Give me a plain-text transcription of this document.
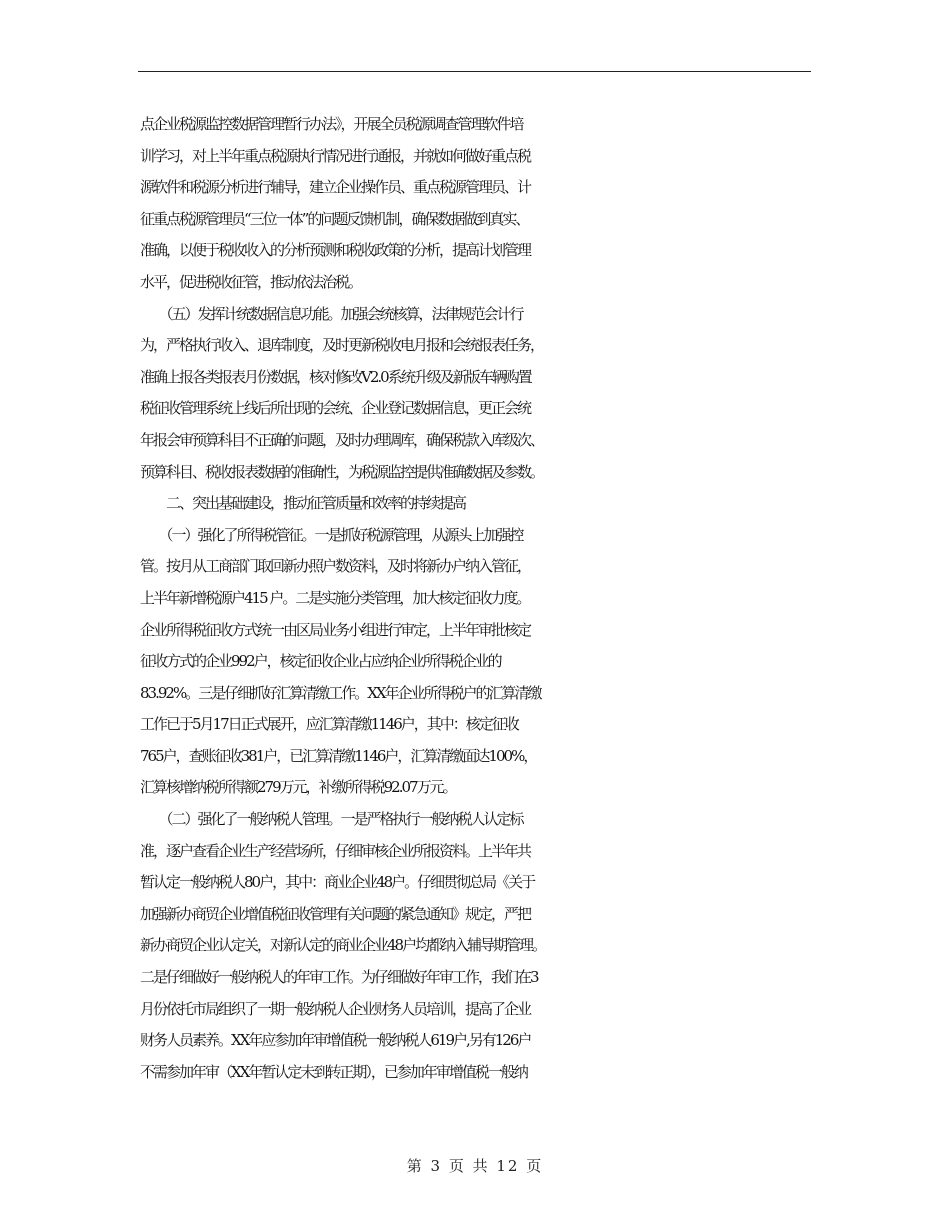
点企业税源监控数据管理暂行办法》，开展全员税源调查管理软件培
训学习，对上半年重点税源执行情况进行通报，并就如何做好重点税
源软件和税源分析进行辅导，建立企业操作员、重点税源管理员、计
征重点税源管理员“三位一体”的问题反馈机制，确保数据做到真实、
准确，以便于税收收入的分析预测和税收政策的分析，提高计划管理
水平，促进税收征管，推动依法治税。
　　（五）发挥计统数据信息功能。加强会统核算，法律规范会计行
为，严格执行收入、退库制度，及时更新税收电月报和会统报表任务，
准确上报各类报表月份数据，核对修改V2.0系统升级及新版车辆购置
税征收管理系统上线后所出现的会统、企业登记数据信息，更正会统
年报会审预算科目不正确的问题，及时办理调库，确保税款入库级次、
预算科目、税收报表数据的准确性，为税源监控提供准确数据及参数。
　　二、突出基础建设，推动征管质量和效率的持续提高
　　（一）强化了所得税管征。一是抓好税源管理，从源头上加强控
管。按月从工商部门取回新办照户数资料，及时将新办户纳入管征，
上半年新增税源户415 户。二是实施分类管理，加大核定征收力度。
企业所得税征收方式统一由区局业务小组进行审定，上半年审批核定
征收方式的企业992户，核定征收企业占应纳企业所得税企业的
83.92%。三是仔细抓好汇算清缴工作。XX年企业所得税户的汇算清缴
工作已于5月17日正式展开，应汇算清缴1146户，其中：核定征收
765户，查账征收381户，已汇算清缴1146户，汇算清缴面达100%，
汇算核增纳税所得额279万元，补缴所得税92.07万元。
　　（二）强化了一般纳税人管理。一是严格执行一般纳税人认定标
准，逐户查看企业生产经营场所，仔细审核企业所报资料。上半年共
暂认定一般纳税人80户，其中：商业企业48户。仔细贯彻总局《关于
加强新办商贸企业增值税征收管理有关问题的紧急通知》规定，严把
新办商贸企业认定关，对新认定的商业企业48户均都纳入辅导期管理。
二是仔细做好一般纳税人的年审工作。为仔细做好年审工作，我们在3
月份依托市局组织了一期一般纳税人企业财务人员培训，提高了企业
财务人员素养。XX年应参加年审增值税一般纳税人619户,另有126户
不需参加年审（XX年暂认定未到转正期），已参加年审增值税一般纳
第 3 页 共 12 页
